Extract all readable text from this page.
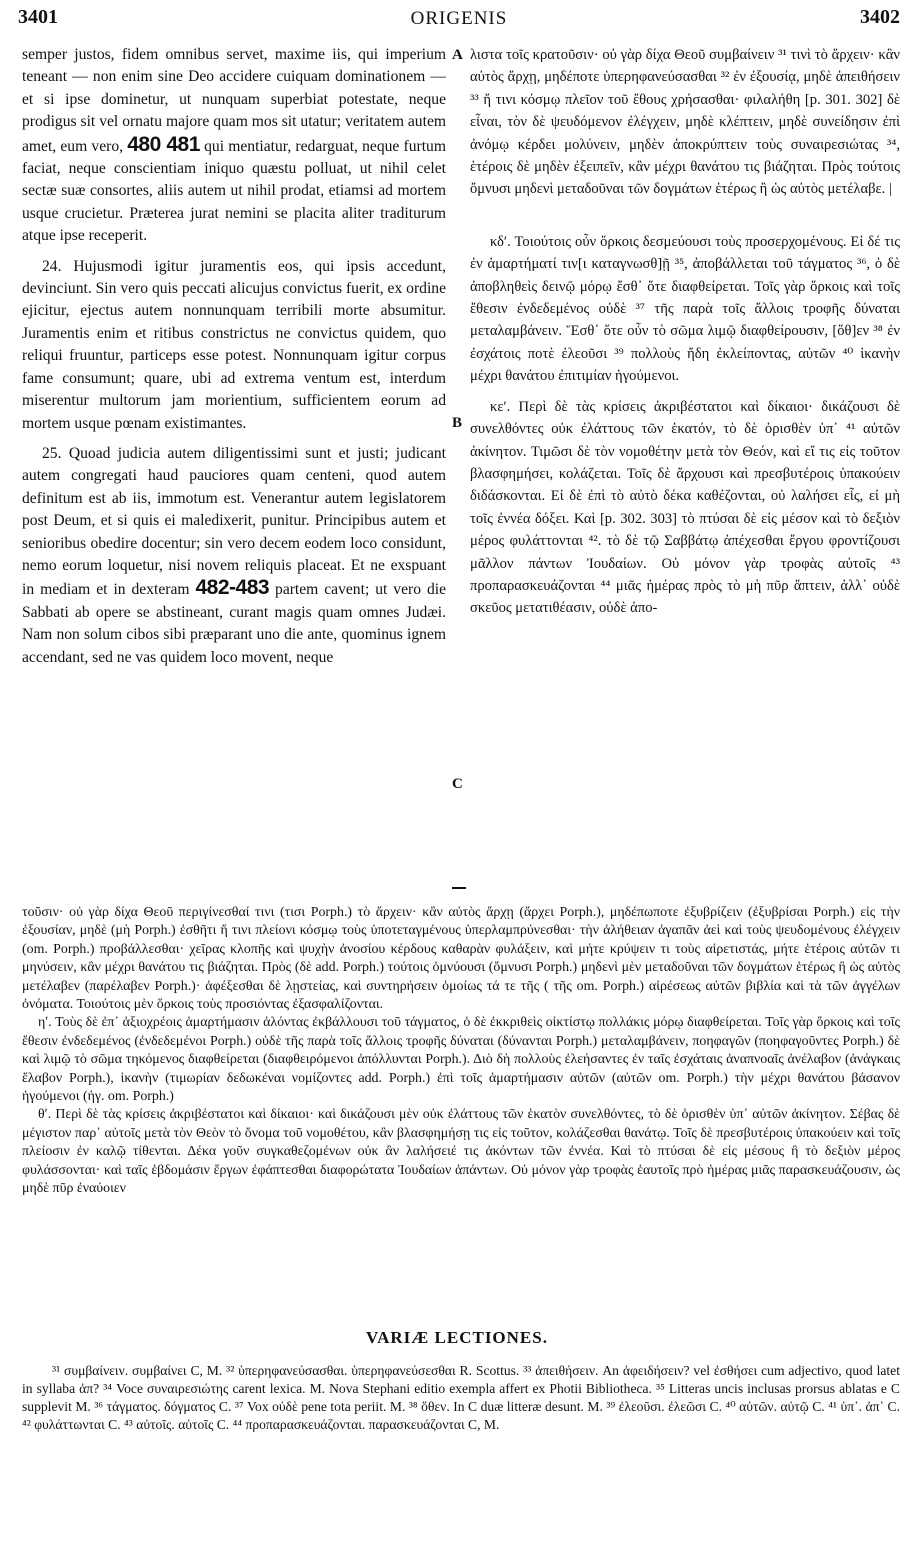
3401	ORIGENIS	3402

semper justos, fidem omnibus servet, maxime iis, qui imperium teneant — non enim sine Deo accidere cuiquam dominationem — et si ipse dominetur, ut nunquam superbiat potestate, neque prodigus sit vel ornatu majore quam mos sit utatur; veritatem autem amet, eum vero, 480 481 qui mentiatur, redarguat, neque furtum faciat, neque conscientiam iniquo quæstu polluat, ut nihil celet sectæ suæ consortes, aliis autem ut nihil prodat, etiamsi ad mortem usque crucietur. Præterea jurat nemini se placita aliter traditurum atque ipse receperit.

24. Hujusmodi igitur juramentis eos, qui ipsis accedunt, devinciunt. Sin vero quis peccati alicujus convictus fuerit, ex ordine ejicitur, ejectus autem nonnunquam terribili morte absumitur. Juramentis enim et ritibus constrictus ne convictus quidem, quo reliqui fruuntur, particeps esse potest. Nonnunquam igitur corpus fame consumunt; quare, ubi ad extrema ventum est, interdum miserentur multorum jam morientium, sufficientem eorum ad mortem usque pœnam existimantes.

25. Quoad judicia autem diligentissimi sunt et justi; judicant autem congregati haud pauciores quam centeni, quod autem definitum est ab iis, immotum est. Venerantur autem legislatorem post Deum, et si quis ei maledixerit, punitur. Principibus autem et senioribus obedire docentur; sin vero decem eodem loco considunt, nemo eorum loquetur, nisi novem reliquis placeat. Et ne exspuant in mediam et in dexteram 482-483 partem cavent; ut vero die Sabbati ab opere se abstineant, curant magis quam omnes Judæi. Nam non solum cibos sibi præparant uno die ante, quominus ignem accendant, sed ne vas quidem loco movent, neque

A
B
C

λιστα τοῖς κρατοῦσιν· οὐ γὰρ δίχα Θεοῦ συμβαίνειν ³¹ τινὶ τὸ ἄρχειν· κἂν αὐτὸς ἄρχῃ, μηδέποτε ὑπερηφανεύσασθαι ³² ἐν ἐξουσίᾳ, μηδὲ ἀπειθήσειν ³³ ἤ τινι κόσμῳ πλεῖον τοῦ ἔθους χρήσασθαι· φιλαλήθη [p. 301. 302] δὲ εἶναι, τὸν δὲ ψευδόμενον ἐλέγχειν, μηδὲ κλέπτειν, μηδὲ συνείδησιν ἐπὶ ἀνόμῳ κέρδει μολύνειν, μηδὲν ἀποκρύπτειν τοὺς συναιρεσιώτας ³⁴, ἑτέροις δὲ μηδὲν ἐξειπεῖν, κἂν μέχρι θανάτου τις βιάζηται. Πρὸς τούτοις ὄμνυσι μηδενὶ μεταδοῦναι τῶν δογμάτων ἑτέρως ἢ ὡς αὐτὸς μετέλαβε. |

κδʹ. Τοιούτοις οὖν ὅρκοις δεσμεύουσι τοὺς προσερχομένους. Εἰ δέ τις ἐν ἁμαρτήματί τιν[ι καταγνωσθ]ῇ ³⁵, ἀποβάλλεται τοῦ τάγματος ³⁶, ὁ δὲ ἀποβληθεὶς δεινῷ μόρῳ ἔσθ᾽ ὅτε διαφθείρεται. Τοῖς γὰρ ὅρκοις καὶ τοῖς ἔθεσιν ἐνδεδεμένος οὐδὲ ³⁷ τῆς παρὰ τοῖς ἄλλοις τροφῆς δύναται μεταλαμβάνειν. Ἔσθ᾽ ὅτε οὖν τὸ σῶμα λιμῷ διαφθείρουσιν, [ὅθ]εν ³⁸ ἐν ἐσχάτοις ποτὲ ἐλεοῦσι ³⁹ πολλοὺς ἤδη ἐκλείποντας, αὐτῶν ⁴⁰ ἱκανὴν μέχρι θανάτου ἐπιτιμίαν ἡγούμενοι.

κεʹ. Περὶ δὲ τὰς κρίσεις ἀκριβέστατοι καὶ δίκαιοι· δικάζουσι δὲ συνελθόντες οὐκ ἐλάττους τῶν ἑκατόν, τὸ δὲ ὁρισθὲν ὑπ᾽ ⁴¹ αὐτῶν ἀκίνητον. Τιμῶσι δὲ τὸν νομοθέτην μετὰ τὸν Θεόν, καὶ εἴ τις εἰς τοῦτον βλασφημήσει, κολάζεται. Τοῖς δὲ ἄρχουσι καὶ πρεσβυτέροις ὑπακούειν διδάσκονται. Εἰ δὲ ἐπὶ τὸ αὐτὸ δέκα καθέζονται, οὐ λαλήσει εἷς, εἰ μὴ τοῖς ἐννέα δόξει. Καὶ [p. 302. 303] τὸ πτύσαι δὲ εἰς μέσον καὶ τὸ δεξιὸν μέρος φυλάττονται ⁴². τὸ δὲ τῷ Σαββάτῳ ἀπέχεσθαι ἔργου φροντίζουσι μᾶλλον πάντων Ἰουδαίων. Οὐ μόνον γὰρ τροφὰς αὐτοῖς ⁴³ προπαρασκευάζονται ⁴⁴ μιᾶς ἡμέρας πρὸς τὸ μὴ πῦρ ἅπτειν, ἀλλ᾽ οὐδὲ σκεῦος μετατιθέασιν, οὐδὲ ἀπο-

τοῦσιν· οὐ γὰρ δίχα Θεοῦ περιγίνεσθαί τινι (τισι Porph.) τὸ ἄρχειν· κἂν αὐτὸς ἄρχῃ (ἄρχει Porph.), μηδέπωποτε ἐξυβρίζειν (ἐξυβρίσαι Porph.) εἰς τὴν ἐξουσίαν, μηδὲ (μὴ Porph.) ἐσθῆτι ἤ τινι πλείονι κόσμῳ τοὺς ὑποτεταγμένους ὑπερλαμπρύνεσθαι· τὴν ἀλήθειαν ἀγαπᾶν ἀεὶ καὶ τοὺς ψευδομένους ἐλέγχειν (om. Porph.) προβάλλεσθαι· χεῖρας κλοπῆς καὶ ψυχὴν ἀνοσίου κέρδους καθαρὰν φυλάξειν, καὶ μήτε κρύψειν τι τοὺς αἱρετιστάς, μήτε ἑτέροις αὐτῶν τι μηνύσειν, κἂν μέχρι θανάτου τις βιάζηται. Πρὸς (δὲ add. Porph.) τούτοις ὀμνύουσι (ὄμνυσι Porph.) μηδενὶ μὲν μεταδοῦναι τῶν δογμάτων ἑτέρως ἢ ὡς αὐτὸς μετέλαβεν (παρέλαβεν Porph.)· ἀφέξεσθαι δὲ λῃστείας, καὶ συντηρήσειν ὁμοίως τά τε τῆς ( τῆς om. Porph.) αἱρέσεως αὐτῶν βιβλία καὶ τὰ τῶν ἀγγέλων ὀνόματα. Τοιούτοις μὲν ὅρκοις τοὺς προσιόντας ἐξασφαλίζονται.

ηʹ. Τοὺς δὲ ἐπ᾽ ἀξιοχρέοις ἁμαρτήμασιν ἁλόντας ἐκβάλλουσι τοῦ τάγματος, ὁ δὲ ἐκκριθεὶς οἰκτίστῳ πολλάκις μόρῳ διαφθείρεται. Τοῖς γὰρ ὅρκοις καὶ τοῖς ἔθεσιν ἐνδεδεμένος (ἐνδεδεμένοι Porph.) οὐδὲ τῆς παρὰ τοῖς ἄλλοις τροφῆς δύναται (δύνανται Porph.) μεταλαμβάνειν, ποηφαγῶν (ποηφαγοῦντες Porph.) δὲ καὶ λιμῷ τὸ σῶμα τηκόμενος διαφθείρεται (διαφθειρόμενοι ἀπόλλυνται Porph.). Διὸ δὴ πολλοὺς ἐλεήσαντες ἐν ταῖς ἐσχάταις ἀναπνοαῖς ἀνέλαβον (ἀνάγκαις ἔλαβον Porph.), ἱκανὴν (τιμωρίαν δεδωκέναι νομίζοντες add. Porph.) ἐπὶ τοῖς ἁμαρτήμασιν αὐτῶν (αὐτῶν om. Porph.) τὴν μέχρι θανάτου βάσανον ἡγούμενοι (ἡγ. om. Porph.)

θʹ. Περὶ δὲ τὰς κρίσεις ἀκριβέστατοι καὶ δίκαιοι· καὶ δικάζουσι μὲν οὐκ ἐλάττους τῶν ἑκατὸν συνελθόντες, τὸ δὲ ὁρισθὲν ὑπ᾽ αὐτῶν ἀκίνητον. Σέβας δὲ μέγιστον παρ᾽ αὐτοῖς μετὰ τὸν Θεὸν τὸ ὄνομα τοῦ νομοθέτου, κἂν βλασφημήσῃ τις εἰς τοῦτον, κολάζεσθαι θανάτῳ. Τοῖς δὲ πρεσβυτέροις ὑπακούειν καὶ τοῖς πλείοσιν ἐν καλῷ τίθενται. Δέκα γοῦν συγκαθεζομένων οὐκ ἂν λαλήσειέ τις ἀκόντων τῶν ἐννέα. Καὶ τὸ πτύσαι δὲ εἰς μέσους ἢ τὸ δεξιὸν μέρος φυλάσσονται· καὶ ταῖς ἑβδομάσιν ἔργων ἐφάπτεσθαι διαφορώτατα Ἰουδαίων ἁπάντων. Οὐ μόνον γὰρ τροφὰς ἑαυτοῖς πρὸ ἡμέρας μιᾶς παρασκευάζουσιν, ὡς μηδὲ πῦρ ἐναύοιεν

VARIÆ LECTIONES.

³¹ συμβαίνειν. συμβαίνει C, M. ³² ὑπερηφανεύσασθαι. ὑπερηφανεύσεσθαι R. Scottus. ³³ ἀπειθήσειν. An ἀφειδήσειν? vel ἐσθήσει cum adjectivo, quod latet in syllaba ἀπ? ³⁴ Voce συναιρεσιώτης carent lexica. M. Nova Stephani editio exempla affert ex Photii Bibliotheca. ³⁵ Litteras uncis inclusas prorsus ablatas e C supplevit M. ³⁶ τάγματος. δόγματος C. ³⁷ Vox οὐδὲ pene tota periit. M. ³⁸ ὅθεν. In C duæ litteræ desunt. M. ³⁹ ἐλεοῦσι. ἐλεῶσι C. ⁴⁰ αὐτῶν. αὐτῷ C. ⁴¹ ὑπ᾽. ἀπ᾽ C. ⁴² φυλάττωνται C. ⁴³ αὐτοῖς. αὐτοῖς C. ⁴⁴ προπαρασκευάζονται. παρασκευάζονται C, M.
